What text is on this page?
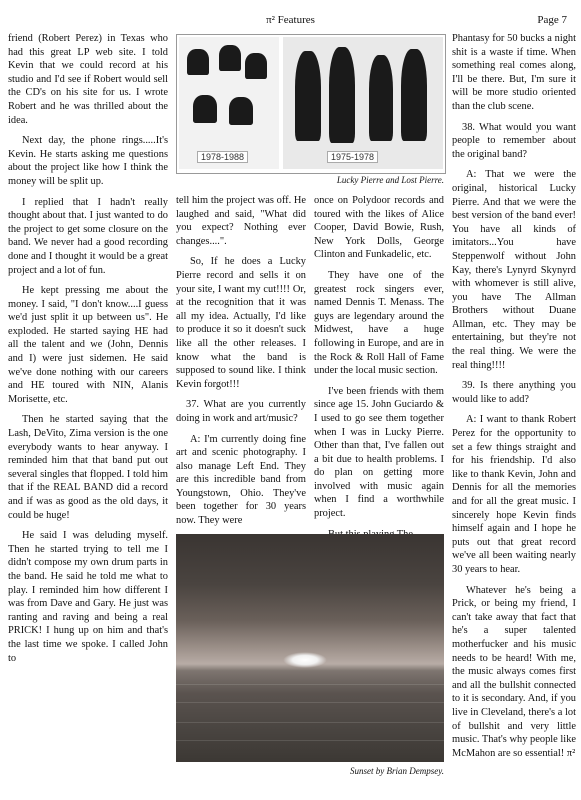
π² Features	Page 7

friend (Robert Perez) in Texas who had this great LP web site. I told Kevin that we could record at his studio and I'd see if Robert would sell the CD's on his site for us. I wrote Robert and he was thrilled about the idea.

Next day, the phone rings.....It's Kevin. He starts asking me questions about the project like how I think the money will be split up.

I replied that I hadn't really thought about that. I just wanted to do the project to get some closure on the band. We never had a good recording done and I thought it would be a great project and a lot of fun.

He kept pressing me about the money. I said, "I don't know....I guess we'd just split it up between us". He exploded. He started saying HE had all the talent and we (John, Dennis and I) were just sidemen. He said we've done nothing with our careers and HE toured with NIN, Alanis Morisette, etc.

Then he started saying that the Lash, DeVito, Zima version is the one everybody wants to hear anyway. I reminded him that that band put out several singles that flopped. I told him that if the REAL BAND did a record and if was as good as the old days, it could be huge!

He said I was deluding myself. Then he started trying to tell me I didn't compose my own drum parts in the band. He said he told me what to play. I reminded him how different I was from Dave and Gary. He just was ranting and raving and being a real PRICK! I hung up on him and that's the last time we spoke. I called John to

1978-1988	1975-1978
Lucky Pierre and Lost Pierre.

tell him the project was off. He laughed and said, "What did you expect? Nothing ever changes....".

So, If he does a Lucky Pierre record and sells it on your site, I want my cut!!!! Or, at the recognition that it was all my idea. Actually, I'd like to produce it so it doesn't suck like all the other releases. I know what the band is supposed to sound like. I think Kevin forgot!!!

37. What are you currently doing in work and art/music?

A: I'm currently doing fine art and scenic photography. I also manage Left End. They are this incredible band from Youngstown, Ohio. They've been together for 30 years now. They were

once on Polydoor records and toured with the likes of Alice Cooper, David Bowie, Rush, New York Dolls, George Clinton and Funkadelic, etc.

They have one of the greatest rock singers ever, named Dennis T. Menass. The guys are legendary around the Midwest, have a huge following in Europe, and are in the Rock & Roll Hall of Fame under the local music section.

I've been friends with them since age 15. John Guciardo & I used to go see them together when I was in Lucky Pierre. Other than that, I've fallen out a bit due to health problems. I do plan on getting more involved with music again when I find a worthwhile project.

Sunset by Brian Dempsey.

Phantasy for 50 bucks a night shit is a waste if time. When something real comes along, I'll be there. But, I'm sure it will be more studio oriented than the club scene.

38. What would you want people to remember about the original band?

A: That we were the original, historical Lucky Pierre. And that we were the best version of the band ever! You have all kinds of imitators...You have Steppenwolf without John Kay, there's Lynyrd Skynyrd with whomever is still alive, you have The Allman Brothers without Duane Allman, etc. They may be entertaining, but they're not the real thing. We were the real thing!!!!

39. Is there anything you would like to add?

A: I want to thank Robert Perez for the opportunity to set a few things straight and for his friendship. I'd also like to thank Kevin, John and Dennis for all the memories and for all the great music. I sincerely hope Kevin finds himself again and I hope he puts out that great record we've all been waiting nearly 30 years to hear.

Whatever he's being a Prick, or being my friend, I can't take away that fact that he's a super talented motherfucker and his music needs to be heard! With me, the music always comes first and all the bullshit connected to it is secondary. And, if you live in Cleveland, there's a lot of bullshit and very little music. That's why people like McMahon are so essential! π²
